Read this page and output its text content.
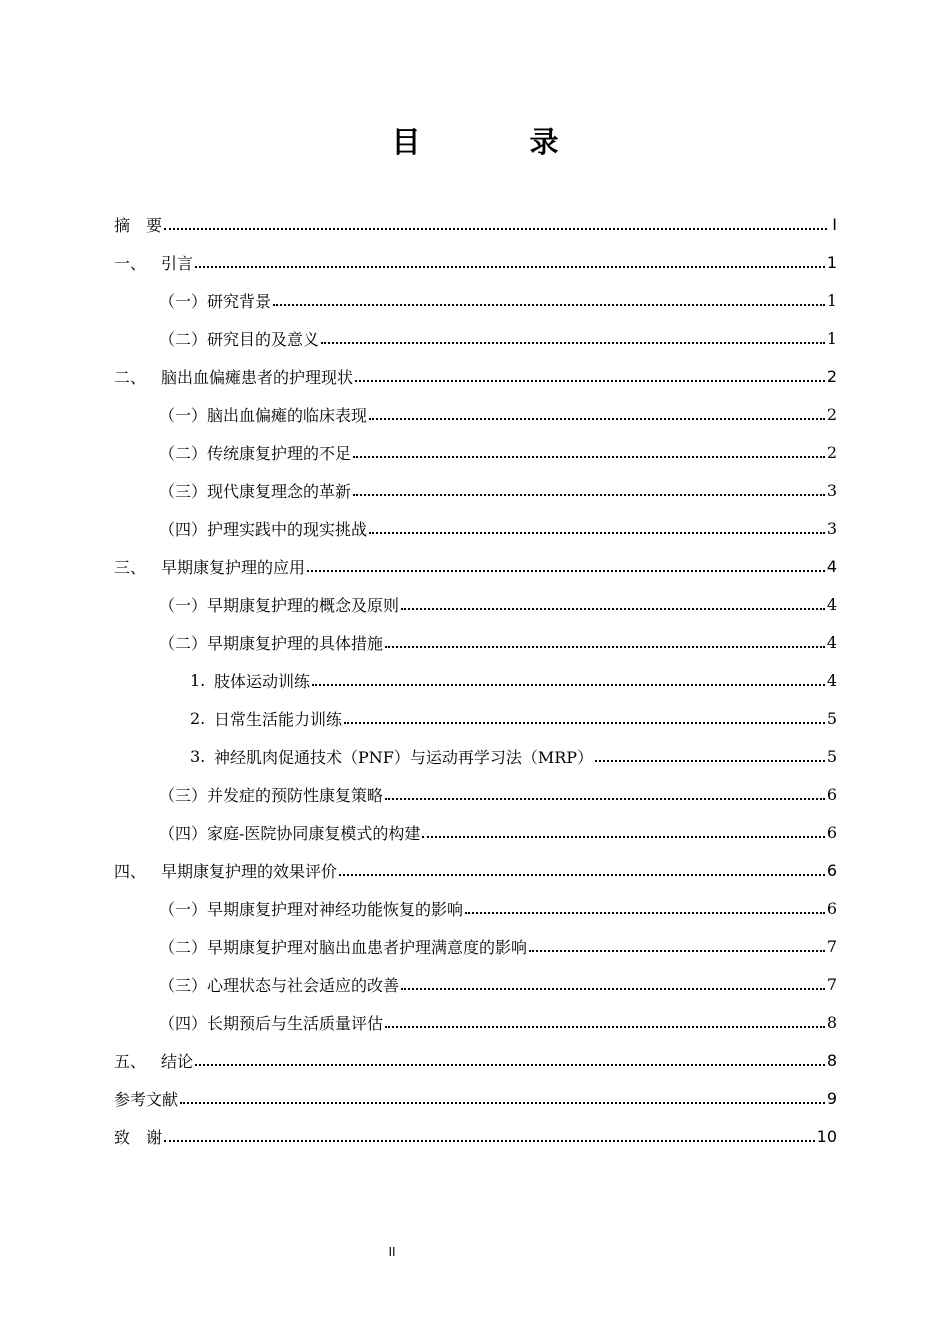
目　录
摘　要	I
一、 引言	1
（一）研究背景	1
（二）研究目的及意义	1
二、 脑出血偏瘫患者的护理现状	2
（一）脑出血偏瘫的临床表现	2
（二）传统康复护理的不足	2
（三）现代康复理念的革新	3
（四）护理实践中的现实挑战	3
三、 早期康复护理的应用	4
（一）早期康复护理的概念及原则	4
（二）早期康复护理的具体措施	4
1. 肢体运动训练	4
2. 日常生活能力训练	5
3. 神经肌肉促通技术（PNF）与运动再学习法（MRP）	5
（三）并发症的预防性康复策略	6
（四）家庭-医院协同康复模式的构建	6
四、 早期康复护理的效果评价	6
（一）早期康复护理对神经功能恢复的影响	6
（二）早期康复护理对脑出血患者护理满意度的影响	7
（三）心理状态与社会适应的改善	7
（四）长期预后与生活质量评估	8
五、 结论	8
参考文献	9
致　谢	10
II
